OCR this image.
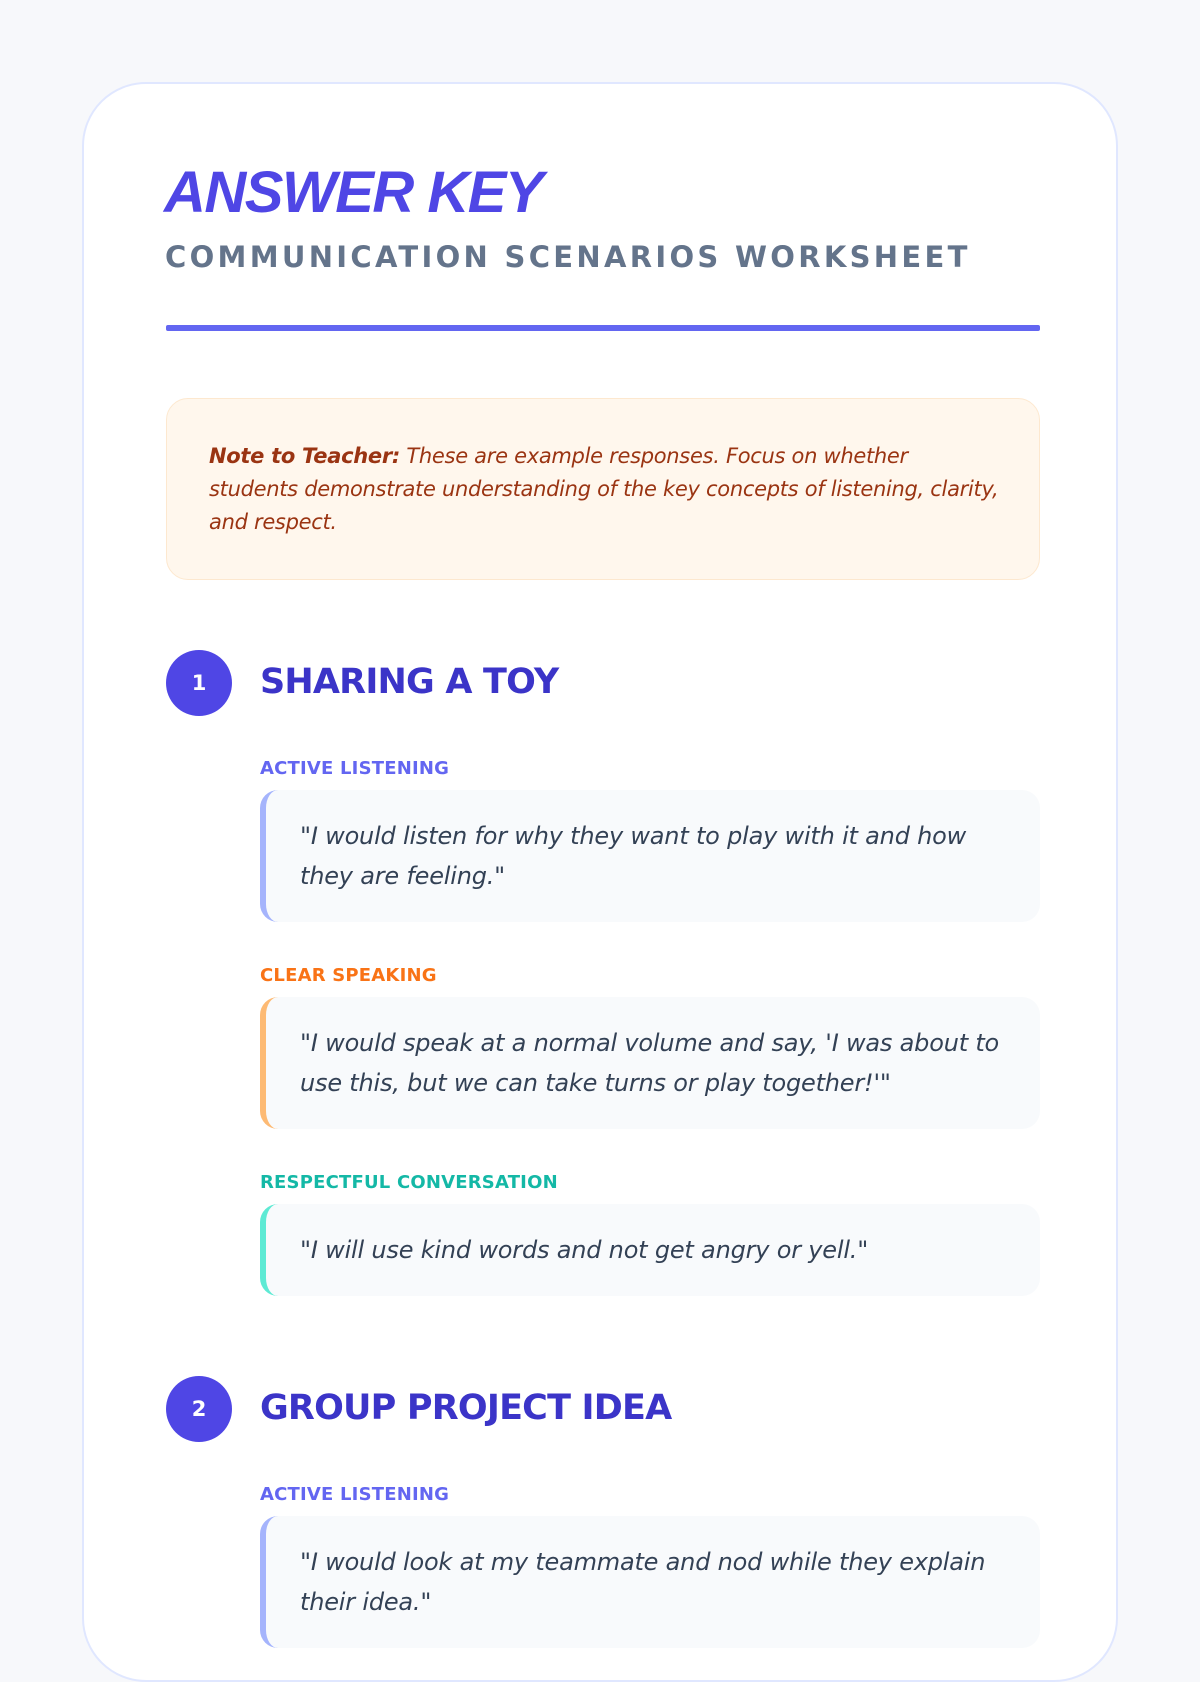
ANSWER KEY
COMMUNICATION SCENARIOS WORKSHEET
Note to Teacher: These are example responses. Focus on whether students demonstrate understanding of the key concepts of listening, clarity, and respect.
1	SHARING A TOY
ACTIVE LISTENING
"I would listen for why they want to play with it and how they are feeling."
CLEAR SPEAKING
"I would speak at a normal volume and say, 'I was about to use this, but we can take turns or play together!'"
RESPECTFUL CONVERSATION
"I will use kind words and not get angry or yell."
2	GROUP PROJECT IDEA
ACTIVE LISTENING
"I would look at my teammate and nod while they explain their idea."
